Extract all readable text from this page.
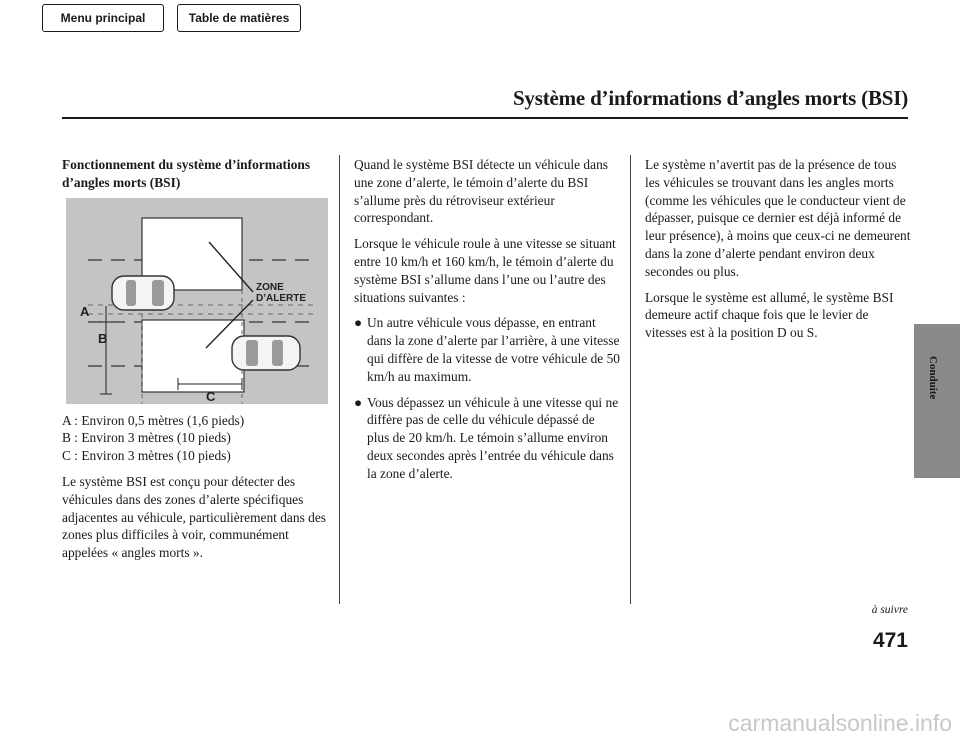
Menu principal	Table de matières
Système d’informations d’angles morts (BSI)
Conduite
Fonctionnement du système d’informations d’angles morts (BSI)
ZONE
D’ALERTE
A
B
C

A : Environ 0,5 mètres (1,6 pieds)

B : Environ 3 mètres (10 pieds)

C : Environ 3 mètres (10 pieds)

Le système BSI est conçu pour détecter des véhicules dans des zones d’alerte spécifiques adjacentes au véhicule, particulièrement dans des zones plus difficiles à voir, communément appelées « angles morts ».

Quand le système BSI détecte un véhicule dans une zone d’alerte, le témoin d’alerte du BSI s’allume près du rétroviseur extérieur correspondant.

Lorsque le véhicule roule à une vitesse se situant entre 10 km/h et 160 km/h, le témoin d’alerte du système BSI s’allume dans l’une ou l’autre des situations suivantes :

● Un autre véhicule vous dépasse, en entrant dans la zone d’alerte par l’arrière, à une vitesse qui diffère de la vitesse de votre véhicule de 50 km/h au maximum.
● Vous dépassez un véhicule à une vitesse qui ne diffère pas de celle du véhicule dépassé de plus de 20 km/h. Le témoin s’allume environ deux secondes après l’entrée du véhicule dans la zone d’alerte.

Le système n’avertit pas de la présence de tous les véhicules se trouvant dans les angles morts (comme les véhicules que le conducteur vient de dépasser, puisque ce dernier est déjà informé de leur présence), à moins que ceux-ci ne demeurent dans la zone d’alerte pendant environ deux secondes ou plus.

Lorsque le système est allumé, le système BSI demeure actif chaque fois que le levier de vitesses est à la position D ou S.

à suivre
471
carmanualsonline.info
